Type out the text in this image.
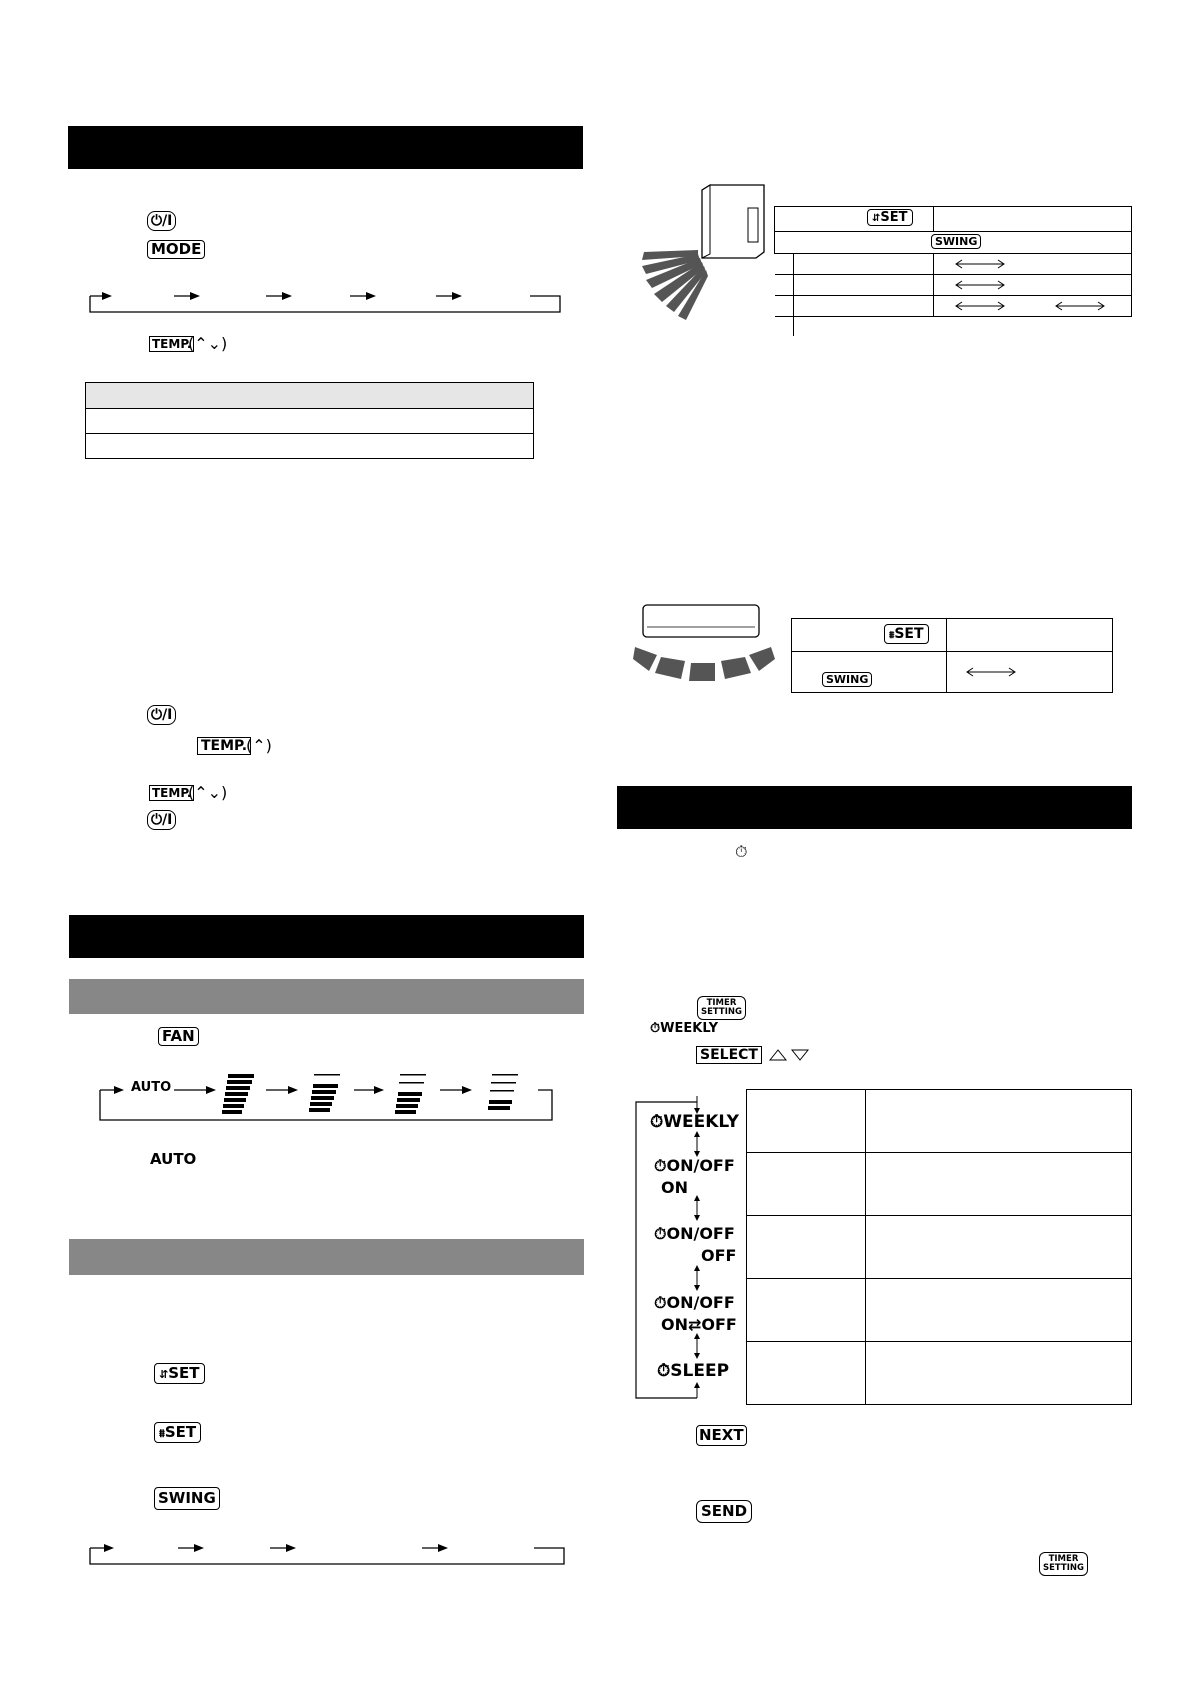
⏻/I
MODE
TEMP.
(⌃⌄)

⏻/I
TEMP.
(⌃)
TEMP.
(⌃⌄)
⏻/I
FAN
AUTO
AUTO
⇵SET
⩩SET
SWING
⇵SET	

SWING	

⩩SET	

SWING

⏱
TIMER
SETTING
⏱WEEKLY
SELECT
⏱WEEKLY
⏱ON/OFF
ON
⏱ON/OFF
OFF
⏱ON/OFF
ON⇄OFF
⏱SLEEP

NEXT
SEND
TIMER
SETTING
